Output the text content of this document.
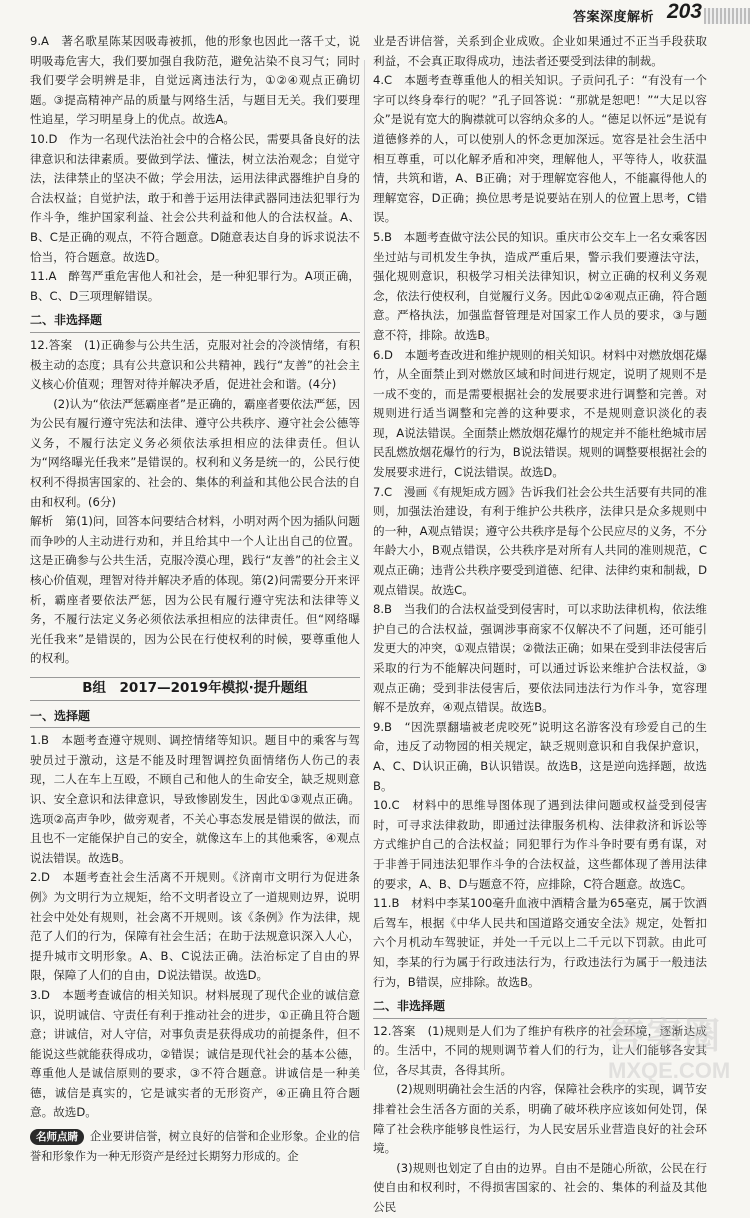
答案深度解析 203

9.A　著名歌星陈某因吸毒被抓，他的形象也因此一落千丈，说明吸毒危害大，我们要加强自我防范，避免沾染不良习气；同时我们要学会明辨是非，自觉远离违法行为，①②④观点正确切题。③提高精神产品的质量与网络生活，与题目无关。我们要理性追星，学习明星身上的优点。故选A。

10.D　作为一名现代法治社会中的合格公民，需要具备良好的法律意识和法律素质。要做到学法、懂法，树立法治观念；自觉守法，法律禁止的坚决不做；学会用法，运用法律武器维护自身的合法权益；自觉护法，敢于和善于运用法律武器同违法犯罪行为作斗争，维护国家利益、社会公共利益和他人的合法权益。A、B、C是正确的观点，不符合题意。D随意表达自身的诉求说法不恰当，符合题意。故选D。

11.A　醉驾严重危害他人和社会，是一种犯罪行为。A项正确，B、C、D三项理解错误。

二、非选择题

12.答案　(1)正确参与公共生活，克服对社会的冷淡情绪，有积极主动的态度；具有公共意识和公共精神，践行“友善”的社会主义核心价值观；理智对待并解决矛盾，促进社会和谐。(4分)

(2)认为“依法严惩霸座者”是正确的，霸座者要依法严惩，因为公民有履行遵守宪法和法律、遵守公共秩序、遵守社会公德等义务，不履行法定义务必须依法承担相应的法律责任。但认为“网络曝光任我来”是错误的。权利和义务是统一的，公民行使权利不得损害国家的、社会的、集体的利益和其他公民合法的自由和权利。(6分)

解析　第(1)问，回答本问要结合材料，小明对两个因为插队问题而争吵的人主动进行劝和，并且给其中一个人让出自己的位置。这是正确参与公共生活，克服冷漠心理，践行“友善”的社会主义核心价值观，理智对待并解决矛盾的体现。第(2)问需要分开来评析，霸座者要依法严惩，因为公民有履行遵守宪法和法律等义务，不履行法定义务必须依法承担相应的法律责任。但“网络曝光任我来”是错误的，因为公民在行使权利的时候，要尊重他人的权利。

B组　2017—2019年模拟·提升题组
一、选择题

1.B　本题考查遵守规则、调控情绪等知识。题目中的乘客与驾驶员过于激动，这是不能及时理智调控负面情绪伤人伤己的表现，二人在车上互殴，不顾自己和他人的生命安全，缺乏规则意识、安全意识和法律意识，导致惨剧发生，因此①③观点正确。选项②高声争吵，做旁观者，不关心事态发展是错误的做法，而且也不一定能保护自己的安全，就像这车上的其他乘客，④观点说法错误。故选B。

2.D　本题考查社会生活离不开规则。《济南市文明行为促进条例》为文明行为立规矩，给不文明者设立了一道规则边界，说明社会中处处有规则，社会离不开规则。该《条例》作为法律，规范了人们的行为，保障有社会生活；在助于法规意识深入人心，提升城市文明形象。A、B、C说法正确。法治标定了自由的界限，保障了人们的自由，D说法错误。故选D。

3.D　本题考查诚信的相关知识。材料展现了现代企业的诚信意识，说明诚信、守责任有利于推动社会的进步，①正确且符合题意；讲诚信，对人守信，对事负责是获得成功的前提条件，但不能说这些就能获得成功，②错误；诚信是现代社会的基本公德，尊重他人是诚信原则的要求，③不符合题意。讲诚信是一种美德，诚信是真实的，它是诚实者的无形资产，④正确且符合题意。故选D。

名师点睛 企业要讲信誉，树立良好的信誉和企业形象。企业的信誉和形象作为一种无形资产是经过长期努力形成的。企

业是否讲信誉，关系到企业成败。企业如果通过不正当手段获取利益，不会真正取得成功，违法者还要受到法律的制裁。

4.C　本题考查尊重他人的相关知识。子贡问孔子：“有没有一个字可以终身奉行的呢？”孔子回答说：“那就是恕吧！”“大足以容众”是说有宽大的胸襟就可以容纳众多的人。“德足以怀远”是说有道德修养的人，可以使别人的怀念更加深远。宽容是社会生活中相互尊重，可以化解矛盾和冲突，理解他人，平等待人，收获温情，共筑和谐，A、B正确；对于理解宽容他人，不能赢得他人的理解宽容，D正确；换位思考是说要站在别人的位置上思考，C错误。

5.B　本题考查做守法公民的知识。重庆市公交车上一名女乘客因坐过站与司机发生争执，造成严重后果，警示我们要遵法守法，强化规则意识，积极学习相关法律知识，树立正确的权利义务观念，依法行使权利，自觉履行义务。因此①②④观点正确，符合题意。严格执法，加强监督管理是对国家工作人员的要求，③与题意不符，排除。故选B。

6.D　本题考查改进和维护规则的相关知识。材料中对燃放烟花爆竹，从全面禁止到对燃放区域和时间进行规定，说明了规则不是一成不变的，而是需要根据社会的发展要求进行调整和完善。对规则进行适当调整和完善的这种要求，不是规则意识淡化的表现，A说法错误。全面禁止燃放烟花爆竹的规定并不能杜绝城市居民乱燃放烟花爆竹的行为，B说法错误。规则的调整要根据社会的发展要求进行，C说法错误。故选D。

7.C　漫画《有规矩成方圆》告诉我们社会公共生活要有共同的准则，加强法治建设，有利于维护公共秩序，法律只是众多规则中的一种，A观点错误；遵守公共秩序是每个公民应尽的义务，不分年龄大小，B观点错误，公共秩序是对所有人共同的准则规范，C观点正确；违背公共秩序要受到道德、纪律、法律约束和制裁，D观点错误。故选C。

8.B　当我们的合法权益受到侵害时，可以求助法律机构，依法维护自己的合法权益，强调涉事商家不仅解决不了问题，还可能引发更大的冲突，①观点错误；②微法正确；如果在受到非法侵害后采取的行为不能解决问题时，可以通过诉讼来维护合法权益，③观点正确；受到非法侵害后，要依法同违法行为作斗争，宽容理解不是放弃，④观点错误。故选B。

9.B　“因洗票翻墙被老虎咬死”说明这名游客没有珍爱自己的生命，违反了动物园的相关规定，缺乏规则意识和自我保护意识，A、C、D认识正确，B认识错误。故选B，这是逆向选择题，故选B。

10.C　材料中的思维导图体现了遇到法律问题或权益受到侵害时，可寻求法律救助，即通过法律服务机构、法律救济和诉讼等方式维护自己的合法权益；同犯罪行为作斗争时要有勇有谋，对于非善于同违法犯罪作斗争的合法权益，这些都体现了善用法律的要求，A、B、D与题意不符，应排除，C符合题意。故选C。

11.B　材料中李某100毫升血液中酒精含量为65毫克，属于饮酒后驾车，根据《中华人民共和国道路交通安全法》规定，处暂扣六个月机动车驾驶证，并处一千元以上二千元以下罚款。由此可知，李某的行为属于行政违法行为，行政违法行为属于一般违法行为，B错误，应排除。故选B。

二、非选择题

12.答案　(1)规则是人们为了维护有秩序的社会环境，逐渐达成的。生活中，不同的规则调节着人们的行为，让人们能够各安其位，各尽其责，各得其所。

(2)规则明确社会生活的内容，保障社会秩序的实现，调节安排着社会生活各方面的关系，明确了破坏秩序应该如何处罚，保障了社会秩序能够良性运行，为人民安居乐业营造良好的社会环境。

(3)规则也划定了自由的边界。自由不是随心所欲，公民在行使自由和权利时，不得损害国家的、社会的、集体的利益及其他公民

答案圈
MXQE.COM
